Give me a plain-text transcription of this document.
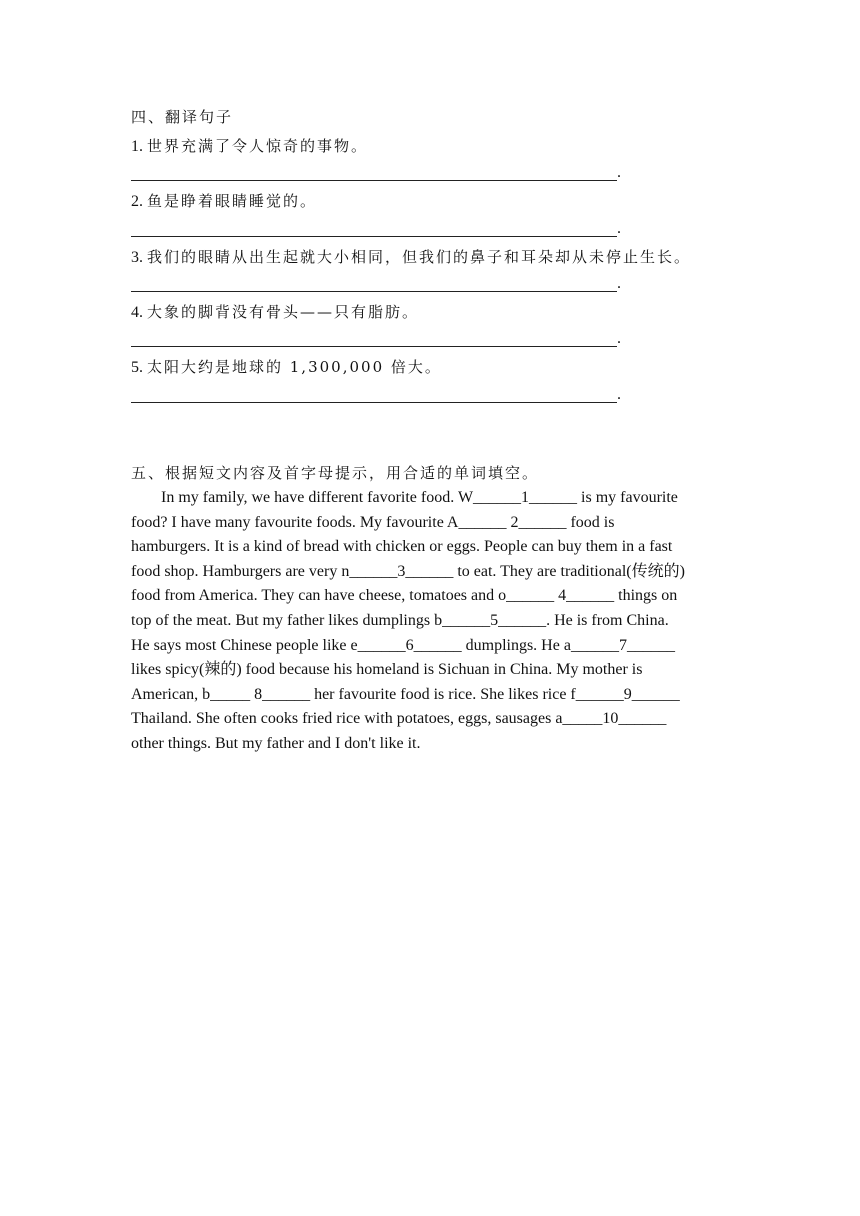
四、翻译句子
1. 世界充满了令人惊奇的事物。
.
2. 鱼是睁着眼睛睡觉的。
.
3. 我们的眼睛从出生起就大小相同，但我们的鼻子和耳朵却从未停止生长。
.
4. 大象的脚背没有骨头——只有脂肪。
.
5. 太阳大约是地球的 1,300,000 倍大。
.
五、根据短文内容及首字母提示，用合适的单词填空。
In my family, we have different favorite food. W______1______ is my favourite
food? I have many favourite foods. My favourite A______ 2______ food is
hamburgers. It is a kind of bread with chicken or eggs. People can buy them in a fast
food shop. Hamburgers are very n______3______ to eat. They are traditional(传统的)
food from America. They can have cheese, tomatoes and o______ 4______ things on
top of the meat. But my father likes dumplings b______5______. He is from China.
He says most Chinese people like e______6______ dumplings. He a______7______
likes spicy(辣的) food because his homeland is Sichuan in China. My mother is
American, b_____ 8______ her favourite food is rice. She likes rice f______9______
Thailand. She often cooks fried rice with potatoes, eggs, sausages a_____10______
other things. But my father and I don't like it.
